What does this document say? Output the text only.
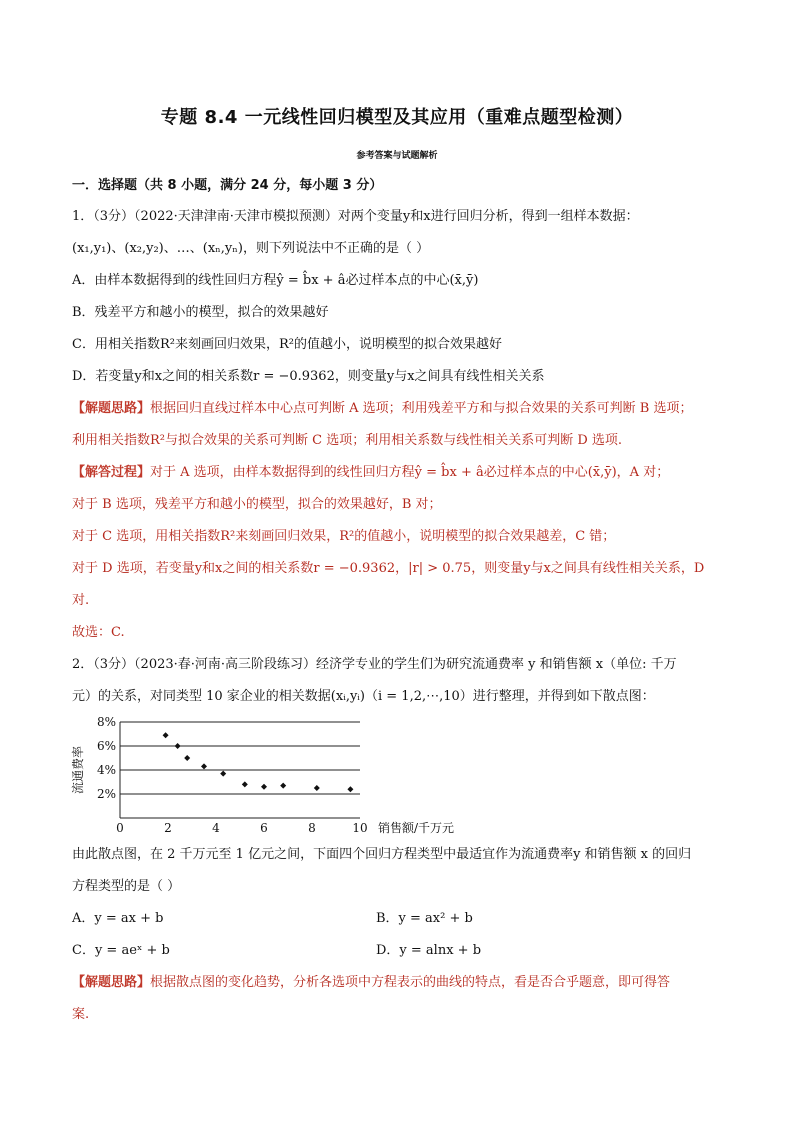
专题 8.4 一元线性回归模型及其应用（重难点题型检测）
参考答案与试题解析
一．选择题（共 8 小题，满分 24 分，每小题 3 分）
1．（3分）（2022·天津津南·天津市模拟预测）对两个变量y和x进行回归分析，得到一组样本数据：
(x₁,y₁)、(x₂,y₂)、…、(xₙ,yₙ)，则下列说法中不正确的是（ ）
A．由样本数据得到的线性回归方程ŷ = b̂x + â必过样本点的中心(x̄,ȳ)
B．残差平方和越小的模型，拟合的效果越好
C．用相关指数R²来刻画回归效果，R²的值越小，说明模型的拟合效果越好
D．若变量y和x之间的相关系数r = −0.9362，则变量y与x之间具有线性相关关系
【解题思路】根据回归直线过样本中心点可判断 A 选项；利用残差平方和与拟合效果的关系可判断 B 选项；
利用相关指数R²与拟合效果的关系可判断 C 选项；利用相关系数与线性相关关系可判断 D 选项.
【解答过程】对于 A 选项，由样本数据得到的线性回归方程ŷ = b̂x + â必过样本点的中心(x̄,ȳ)，A 对；
对于 B 选项，残差平方和越小的模型，拟合的效果越好，B 对；
对于 C 选项，用相关指数R²来刻画回归效果，R²的值越小，说明模型的拟合效果越差，C 错；
对于 D 选项，若变量y和x之间的相关系数r = −0.9362，|r| > 0.75，则变量y与x之间具有线性相关关系，D
对.
故选：C.
2．（3分）（2023·春·河南·高三阶段练习）经济学专业的学生们为研究流通费率 y 和销售额 x（单位: 千万
元）的关系，对同类型 10 家企业的相关数据(xᵢ,yᵢ)（i = 1,2,⋯,10）进行整理，并得到如下散点图：
2%
4%
6%
8%
0	2	4	6	8	10 销售额/千万元
流通费率
由此散点图，在 2 千万元至 1 亿元之间，下面四个回归方程类型中最适宜作为流通费率y 和销售额 x 的回归
方程类型的是（ ）
A．y = ax + b	B．y = ax² + b
C．y = aeˣ + b	D．y = alnx + b
【解题思路】根据散点图的变化趋势，分析各选项中方程表示的曲线的特点，看是否合乎题意，即可得答
案.
